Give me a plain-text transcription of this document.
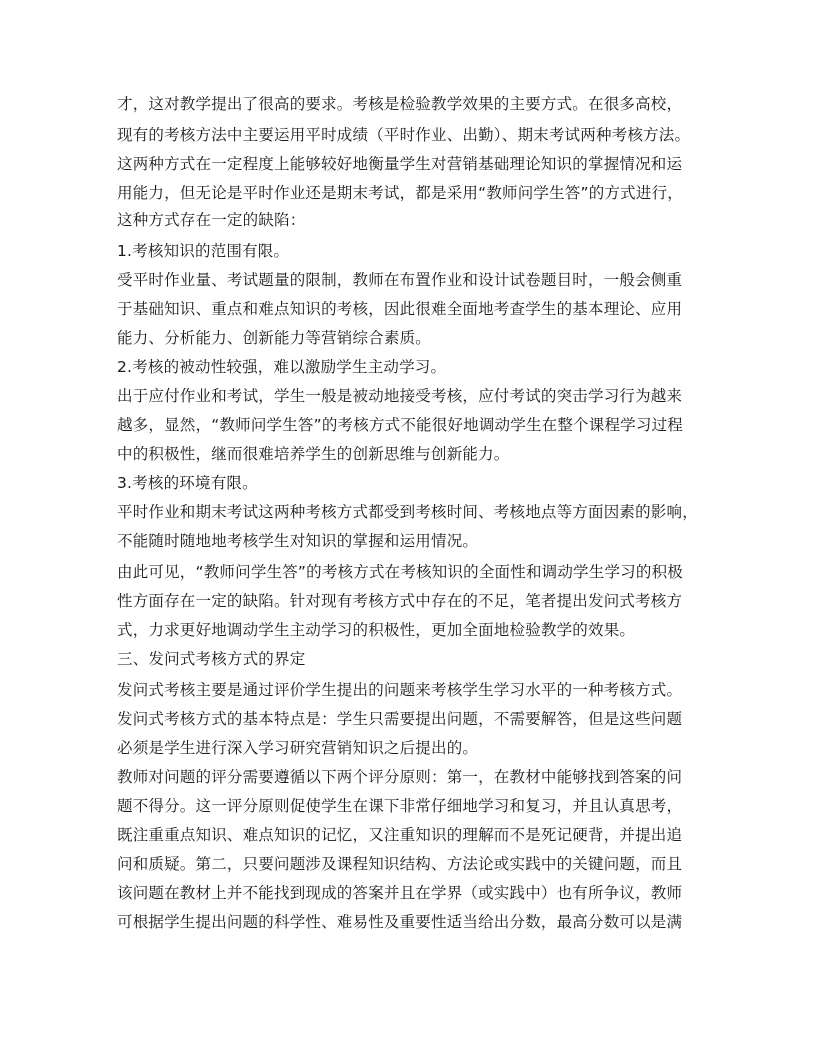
才，这对教学提出了很高的要求。考核是检验教学效果的主要方式。在很多高校，
现有的考核方法中主要运用平时成绩（平时作业、出勤）、期末考试两种考核方法。
这两种方式在一定程度上能够较好地衡量学生对营销基础理论知识的掌握情况和运
用能力，但无论是平时作业还是期末考试，都是采用“教师问学生答”的方式进行，
这种方式存在一定的缺陷：
1.考核知识的范围有限。
受平时作业量、考试题量的限制，教师在布置作业和设计试卷题目时，一般会侧重
于基础知识、重点和难点知识的考核，因此很难全面地考查学生的基本理论、应用
能力、分析能力、创新能力等营销综合素质。
2.考核的被动性较强，难以激励学生主动学习。
出于应付作业和考试，学生一般是被动地接受考核，应付考试的突击学习行为越来
越多，显然，“教师问学生答”的考核方式不能很好地调动学生在整个课程学习过程
中的积极性，继而很难培养学生的创新思维与创新能力。
3.考核的环境有限。
平时作业和期末考试这两种考核方式都受到考核时间、考核地点等方面因素的影响，
不能随时随地地考核学生对知识的掌握和运用情况。
由此可见，“教师问学生答”的考核方式在考核知识的全面性和调动学生学习的积极
性方面存在一定的缺陷。针对现有考核方式中存在的不足，笔者提出发问式考核方
式，力求更好地调动学生主动学习的积极性，更加全面地检验教学的效果。
三、发问式考核方式的界定
发问式考核主要是通过评价学生提出的问题来考核学生学习水平的一种考核方式。
发问式考核方式的基本特点是：学生只需要提出问题，不需要解答，但是这些问题
必须是学生进行深入学习研究营销知识之后提出的。
教师对问题的评分需要遵循以下两个评分原则：第一，在教材中能够找到答案的问
题不得分。这一评分原则促使学生在课下非常仔细地学习和复习，并且认真思考，
既注重重点知识、难点知识的记忆，又注重知识的理解而不是死记硬背，并提出追
问和质疑。第二，只要问题涉及课程知识结构、方法论或实践中的关键问题，而且
该问题在教材上并不能找到现成的答案并且在学界（或实践中）也有所争议，教师
可根据学生提出问题的科学性、难易性及重要性适当给出分数，最高分数可以是满
